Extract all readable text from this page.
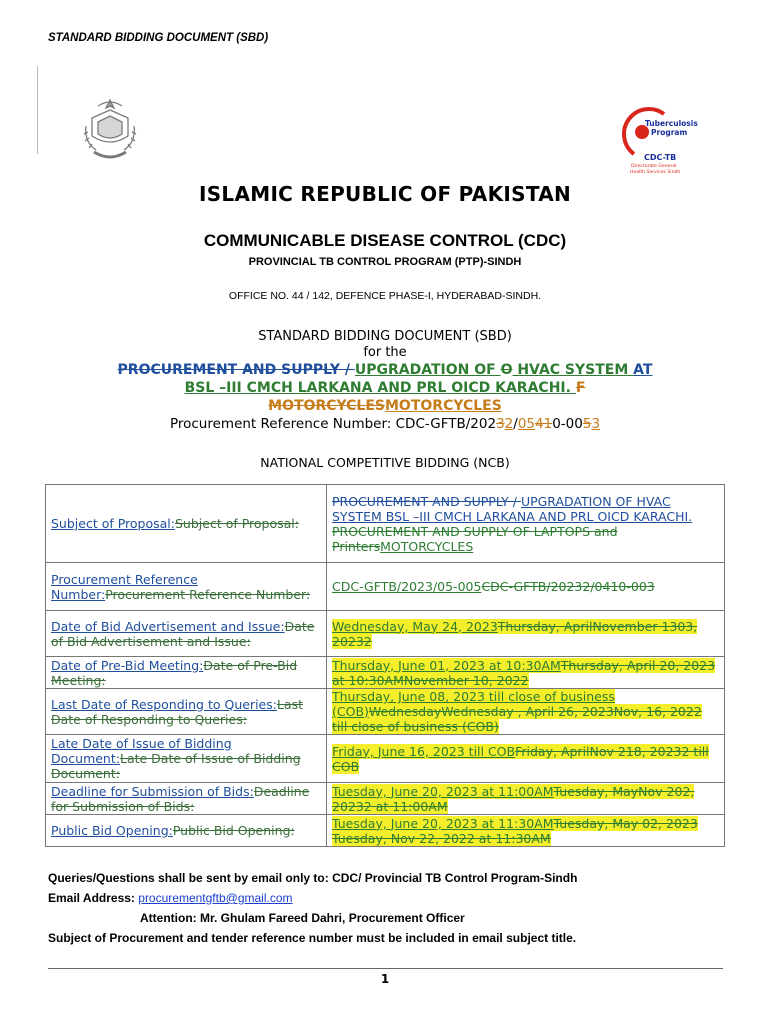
STANDARD BIDDING DOCUMENT (SBD)
Tuberculosis
Program
CDC-TB
Directorate General
Health Services Sindh
ISLAMIC REPUBLIC OF PAKISTAN
COMMUNICABLE DISEASE CONTROL (CDC)
PROVINCIAL TB CONTROL PROGRAM (PTP)-SINDH
OFFICE NO. 44 / 142, DEFENCE PHASE-I, HYDERABAD-SINDH.
STANDARD BIDDING DOCUMENT (SBD)
for the
PROCUREMENT AND SUPPLY / UPGRADATION OF O HVAC SYSTEM AT
BSL –III CMCH LARKANA AND PRL OICD KARACHI. F
MOTORCYCLESMOTORCYCLES
Procurement Reference Number: CDC-GFTB/20232/05410-0053
NATIONAL COMPETITIVE BIDDING (NCB)
Subject of Proposal:Subject of Proposal:	PROCUREMENT AND SUPPLY / UPGRADATION OF HVAC SYSTEM BSL –III CMCH LARKANA AND PRL OICD KARACHI. PROCUREMENT AND SUPPLY OF LAPTOPS and PrintersMOTORCYCLES
Procurement Reference Number:Procurement Reference Number:	CDC-GFTB/2023/05-005CDC-GFTB/20232/0410-003
Date of Bid Advertisement and Issue:Date of Bid Advertisement and Issue:	Wednesday, May 24, 2023Thursday, AprilNovember 1303, 20232
Date of Pre-Bid Meeting:Date of Pre-Bid Meeting:	Thursday, June 01, 2023 at 10:30AMThursday, April 20, 2023 at 10:30AMNovember 10, 2022
Last Date of Responding to Queries:Last Date of Responding to Queries:	Thursday, June 08, 2023 till close of business (COB)WednesdayWednesday , April 26, 2023Nov, 16, 2022 till close of business (COB)
Late Date of Issue of Bidding Document:Late Date of Issue of Bidding Document:	Friday, June 16, 2023 till COBFriday, AprilNov 218, 20232 till COB
Deadline for Submission of Bids:Deadline for Submission of Bids:	Tuesday, June 20, 2023 at 11:00AMTuesday, MayNov 202, 20232 at 11:00AM
Public Bid Opening:Public Bid Opening:	Tuesday, June 20, 2023 at 11:30AMTuesday, May 02, 2023 Tuesday, Nov 22, 2022 at 11:30AM
Queries/Questions shall be sent by email only to: CDC/ Provincial TB Control Program-Sindh
Email Address: procurementgftb@gmail.com
Attention: Mr. Ghulam Fareed Dahri, Procurement Officer
Subject of Procurement and tender reference number must be included in email subject title.
1
